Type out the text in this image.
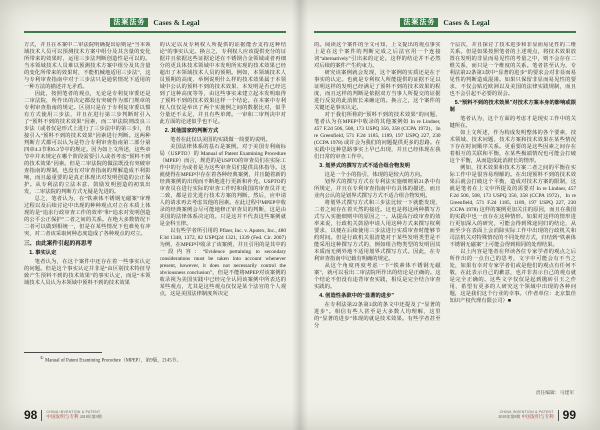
法案法务	Cases & Legal
方式，并且在本案中二审法院明确提出原则是“当本领域技术人员可以预测技术方案中组分及其含量的变化所带来的效果时，运用三步法判断创造性是可以的。当本领域技术人员难以预测技术方案中组分及其含量的变化所带来的效果时，不能机械地适用三步法”，这与专利审查指南中对于三步法只是通常情况下适用的一种方法的描述并无矛盾。
因此，按照笔者的观点，无论是专利复审委还是二审法院，所作出的决定都没有突破作为部门规章的专利审查指南的规定。区别只是在于专利复审委以惯有方式使用三步法，并且在进行第三步判断时引入了“预料不到的技术效果”因素，而二审法院则改良三步法（或者仅是形式上进行了三步法中的第三步），直接引入“预料不到的技术效果”因素进行判断。这两种判断方式都可以认为是符合专利审查指南第二部分第四章4.3节和6.3节中的规定。因为如上文所述，这些章节中并未规定在哪个阶段需要引入或者考虑“预料不到的技术效果”因素。但是二审法院的做法既没有突破审查指南的规制，也没有对审查指南的理解造成不利影响，而且最重要的是真正体现出对发明创造的公正保护。从专利法的立法本意、鼓励发明创造的初衷出发，二审法院的判断方式无疑是先进的。
总之，笔者认为，在“铁素体不锈钢无磁案”审理过程以及后续讨论中出现的种种观点对立在本质上体现的是“追求行政审查工作的效率”和“追求对发明创造的公平公正保护”二者之间的关系。在绝大多数情况下二者可以做到相统一，但是在某些情况下也难免有冲突，对二者该采取何种态度造成了各种观点的对立。
三、由此案件引起的再思考
1. 事实认定
笔者认为，在这个案件中还存在着一些事实认定的问题。但是这个事实认定并非是“由区别技术特征导致产生预料不到的技术效果”的事实认定，而是“本领域技术人员认为本领域中预料不到的技术效果
的认定以及专利权人所提供的证据能否支持这种结论”的事实认定。换言之，专利权人应该提供充分的证据并且依据这些证据论述在不锈钢合金领域或者再细分的更具体技术领域中本发明所实现的技术效果已经超出了本领域技术人员的预期。例如，本领域技术人员预期的高度、举例说明什么样的技术效果属于本领域中公认的预料不到的技术效果、本发明是否已经达到了这种高度等等，由这些事实来建立起本发明取得了预料不到的技术效果这样一个结论。在本案中专利权人仅仅是举出了两个实施例之间的数据比对，似乎分量还不太足，并且有些单薄。一审和二审判决中对此方面的论述似乎也不足。
2. 其他国家的判断方式
笔者在此仅以美国的实践做一简要的说明。
美国法律体系的基石是案例。对于美国专利商标局（USPTO）的 Manual of Patent Examining Procedure（MPEP）而言，规范的是USPTO的审查员们在实际工作中的行为或者是为这些审查员们提供具体指导。这就使得在MPEP中存在着各种经典案例，并且随着新的经典案例的出现而不断地进行更新和补充。USPTO的审查员在进行实际的审查工作时和我国的审查员并无二致，都是首先进行技术方案的判断。然后，应申请人的请求再去考虑其他的因素。在此过程中MPEP中收录的经典案例会尽可能地修正审查员的判断，这是由美国的法律体系决定的。只是这并不代表这些案例就是金科玉律。
以有些学者所引用的 Pfizer, Inc. v. Apotex, Inc., 480 F.3d 1348, 1372, 82 USPQ2d 1321, 1339 (Fed. Cir. 2007) 为例，在MPEP中收录了该案例，并且引用的是其中的一段内容：“Evidence pertaining to secondary considerations must be taken into account whenever present, however, it does not necessarily control the obviousness conclusion”，但是不能将MPEP对该案例的收录视为美国实践中已经完全认同该案例中所表达的某些观点，尤其是这些观点仅仅是某个法官的个人观点，这是美国法律制度所决定
① Manual of Patent Examining Procedure（MPEP），第9版，2145节。
98	CHINA INVENTION & PATENT
中国发明与专利 2018年第9期
法案法务	Cases & Legal
的。阅读这个案件的全文可知，上文提出的观点事实上是在这个案件的判断完成之后法官用一个连接词“alternatively”引出来的定论。这样的结论并不必然对后续的案件产生约束力。
研究该案例就会发现，这个案例的实质还是在于事实的认定。也就是专利权人所能提供的证据不足以证明这样的发明已经满足了预料不到的技术效果的程度，而且这样的判断是依据双方当事人所提交的证据进行反复的此消彼长来确定的。换言之，这个案件的关键还是事实认定。
对于我们所称的“预料不到的技术效果”的问题，笔者认为在MPEP中收录的其他案例如 In re Lindner, 457 F.2d 506, 508, 173 USPQ 356, 358 (CCPA 1972)，In re Greenfield, 571 F.2d 1185, 1189, 197 USPQ 227, 230 (CCPA 1978) 或许会为我们的问题提供更多的思路。在实践中这种思路事实上早已出现，并且已经体现在我们日常的审查工作中。
3. 划界式的撰写方式不适合组合物发明
这是一个小的指引，体现的是较大的方向。
划界式的撰写方式在专利法实施细则第21条中有所规定，并且在专利审查指南中有具体的描述，而且业内公认的是划界式撰写方式不适合组合物发明。
将划界式撰写方式和三步法比较一下就能发现，二者之间存在着天然的接近。这也是将这两种撰写方式写入实施细则中的原因之一。从提高行政审查的效率来说，行政机关鼓励申请人用这种方式来撰写权利要求，以便在后续使用三步法进行实质审查时能够节约时间。但是行政机关很清楚对于某些发明类型是不能采用这种撰写方式的，例如组合物类型的发明因其本质而无例外地不适用划界式撰写方式。因此，在专利审查指南中记载有明确的规定。
从这个角度再度考虑一下“铁素体不锈钢无磁案”，就可以看出二审法院所作出的结论是正确的。这个结论不但没有违背审查实践，相反是完全结合审查实践的。
4. 创造性条款中的“显著的进步”
在专利法第22条第3款的条文中还提及了“显著的进步”。相信有些人甚至是大多数人均理解，这里的“显著的进步”体现的就是技术效果。有些学者甚至分
个层次，并且探讨了技术进步和非显而易见性的二维关系。但是如果按照笔者的上述观点，将技术效果放置在发明的非显而易见性的考量之中，则不会存在二维关系，而只是一个维度的关系。笔者甚至认为，专利法第22条第3款中“显著的进步”的要求会对非显而易见性的判断造成混淆。如果只保留非显而易见性的要求，不仅会贴近欧洲以及美国的法律实践规制，而且也不会引起不必要的误会。
5.“预料不到的技术效果”对技术方案本身的影响或限制
笔者认为，这个方面的考虑才是现实工作中的关键所在。
如上文所述，作为构成发明整体的各个要素，技术领域、技术问题、技术方案和技术效果在某些情况下存在时间顺序关系。更重要的是这些因素之间存在着相互的关联和平衡，在某些极端情况也可能会打破这个平衡，从而造成此消彼长的情形。
例如，技术效果和技术方案二者之间的平衡在实际工作中是很容易理解的。在出现预料不到的技术效果后就会打破这个平衡，造成对技术方案的限制，这就是笔者在上文中所提及的需要对 In re Lindner, 457 F.2d 506, 508, 173 USPQ 356, 358 (CCPA 1972)，In re Greenfield, 571 F.2d 1185, 1189, 197 USPQ 227, 230 (CCPA 1978) 这样的案例更加关注的原因，而且在我国的实践中也一直存在这种情形。如果对这样的情形进行更加深入的研究，可能会得到殊途同归的结论，从而至少在表面上会消除实际工作中出现的行政机关和司法机关对特殊情况的不同处理方式，归结到“铁素体不锈钢无磁案”上可能会得到相同的处理结果。
以上内容是笔者在拜读各位专家学者的观点之后所作出的一点自己的思考，文字中可能会有不当之处，如果有幸对专家学者们或是他们的观点有任何不敬，在此表示自己的歉意，也并非表示自己的观点就是完全正确的。这些文字仅仅是起到抛砖引玉之作用，希望有更多的人研究这个领域中出现的各种问题，这是我们这个行业的幸事。（作者单位：北京集佳知识产权代理有限公司）■
责任编辑：马建军
CHINA INVENTION & PATENT
2018年第9期 中国发明与专利 99
